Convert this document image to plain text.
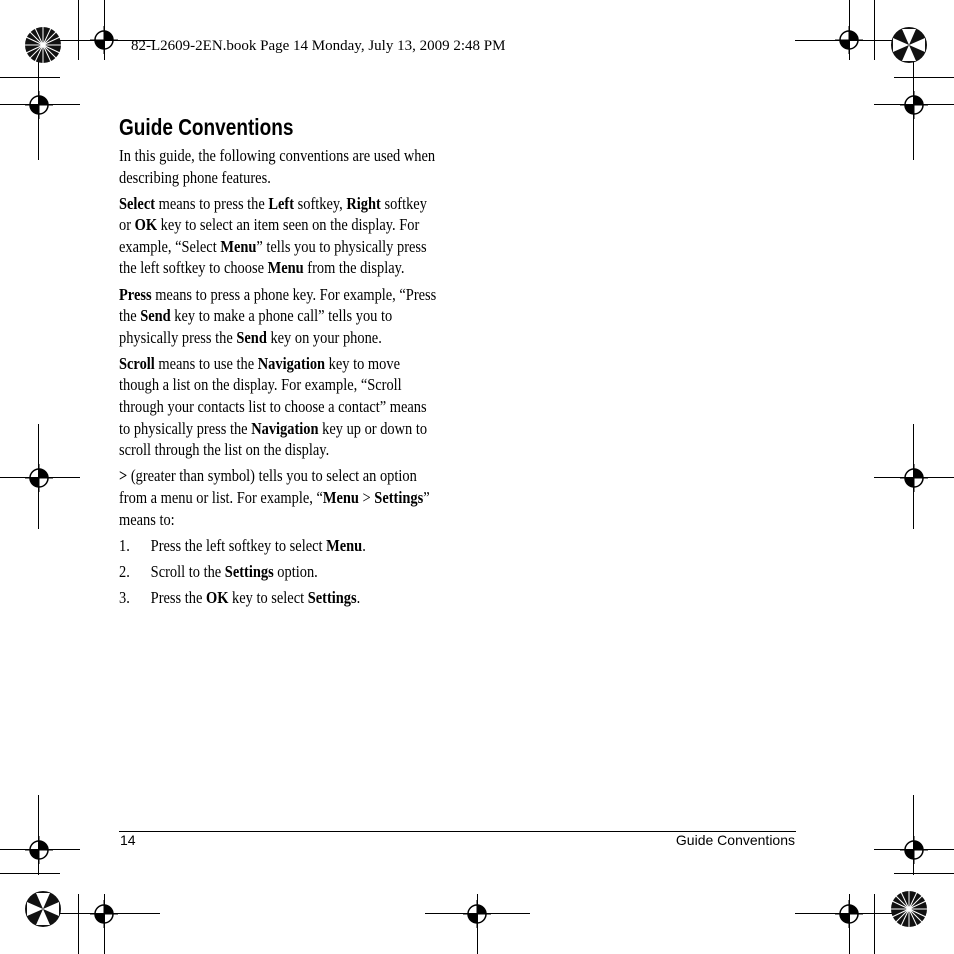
82-L2609-2EN.book Page 14 Monday, July 13, 2009 2:48 PM
Guide Conventions

In this guide, the following conventions are used when describing phone features.

Select means to press the Left softkey, Right softkey or OK key to select an item seen on the display. For example, “Select Menu” tells you to physically press the left softkey to choose Menu from the display.

Press means to press a phone key. For example, “Press the Send key to make a phone call” tells you to physically press the Send key on your phone.

Scroll means to use the Navigation key to move though a list on the display. For example, “Scroll through your contacts list to choose a contact” means to physically press the Navigation key up or down to scroll through the list on the display.

> (greater than symbol) tells you to select an option from a menu or list. For example, “Menu > Settings” means to:

1. Press the left softkey to select Menu.
2. Scroll to the Settings option.
3. Press the OK key to select Settings.
14	Guide Conventions
